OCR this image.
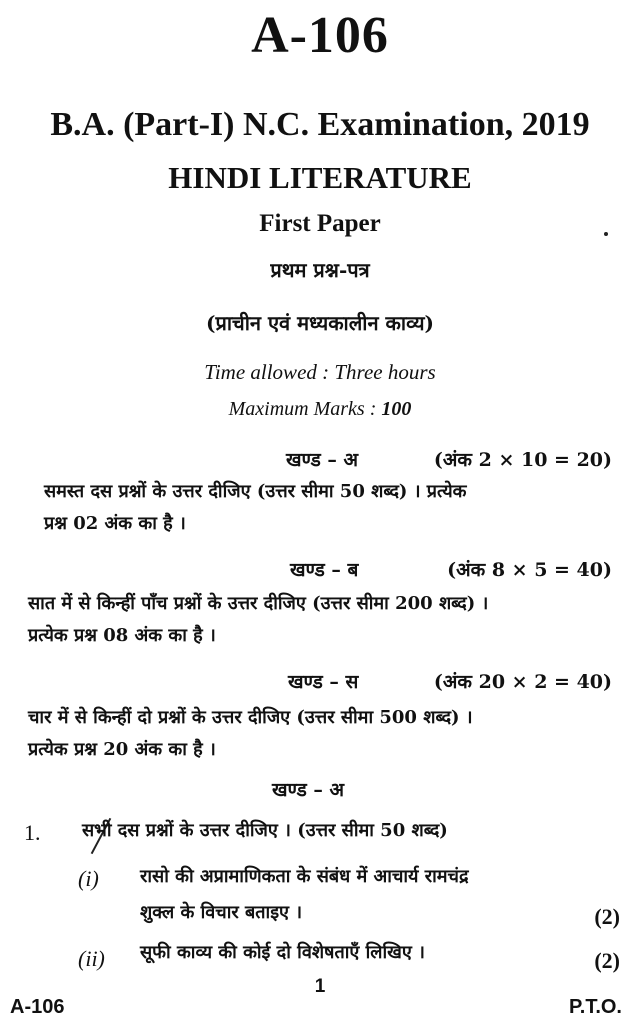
A-106
B.A. (Part-I) N.C. Examination, 2019
HINDI LITERATURE
First Paper
प्रथम प्रश्न-पत्र
(प्राचीन एवं मध्यकालीन काव्य)
Time allowed : Three hours
Maximum Marks : 100
खण्ड – अ	(अंक 2 × 10 = 20)
समस्त दस प्रश्नों के उत्तर दीजिए (उत्तर सीमा 50 शब्द) । प्रत्येक
प्रश्न 02 अंक का है ।
खण्ड – ब	(अंक 8 × 5 = 40)
सात में से किन्हीं पाँच प्रश्नों के उत्तर दीजिए (उत्तर सीमा 200 शब्द) ।
प्रत्येक प्रश्न 08 अंक का है ।
खण्ड – स	(अंक 20 × 2 = 40)
चार में से किन्हीं दो प्रश्नों के उत्तर दीजिए (उत्तर सीमा 500 शब्द) ।
प्रत्येक प्रश्न 20 अंक का है ।
खण्ड – अ
1. सभी दस प्रश्नों के उत्तर दीजिए । (उत्तर सीमा 50 शब्द)
(i) रासो की अप्रामाणिकता के संबंध में आचार्य रामचंद्र
शुक्ल के विचार बताइए ।	(2)
(ii) सूफी काव्य की कोई दो विशेषताएँ लिखिए ।	(2)
1
A-106	P.T.O.
